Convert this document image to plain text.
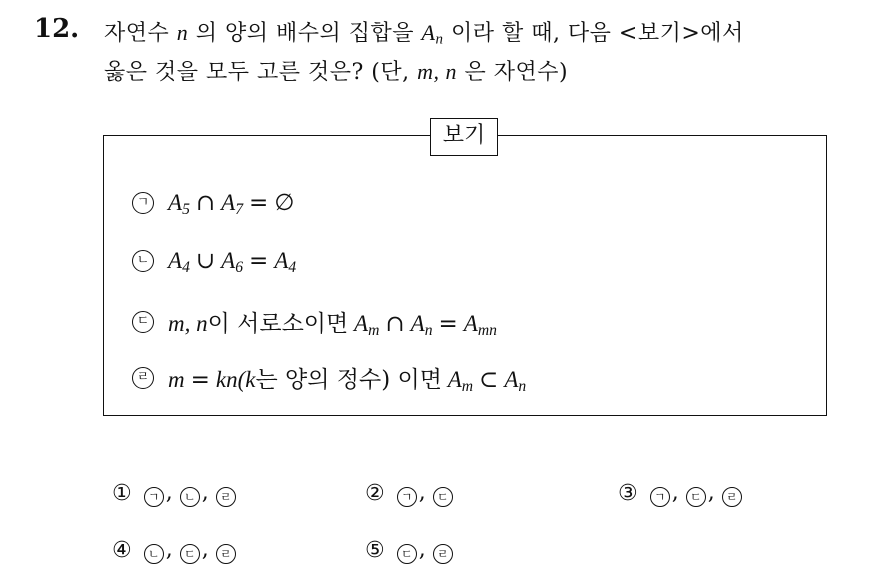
12. 자연수 n 의 양의 배수의 집합을 $A_n$ 이라 할 때, 다음 <보기>에서
옳은 것을 모두 고른 것은? (단, m, n 은 자연수)
보기
ㄱ $A_5$ ∩ $A_7$ = ∅
ㄴ $A_4$ ∪ $A_6 = A_4$
ㄷ m, n이 서로소이면 $A_m$ ∩ $A_n = A_{mn}$
ㄹ m = kn(k는 양의 정수) 이면 $A_m$ ⊂ $A_n$
①	ㄱ , ㄴ , ㄹ	②	ㄱ , ㄷ	③	ㄱ , ㄷ , ㄹ
④	ㄴ , ㄷ , ㄹ	⑤	ㄷ , ㄹ
